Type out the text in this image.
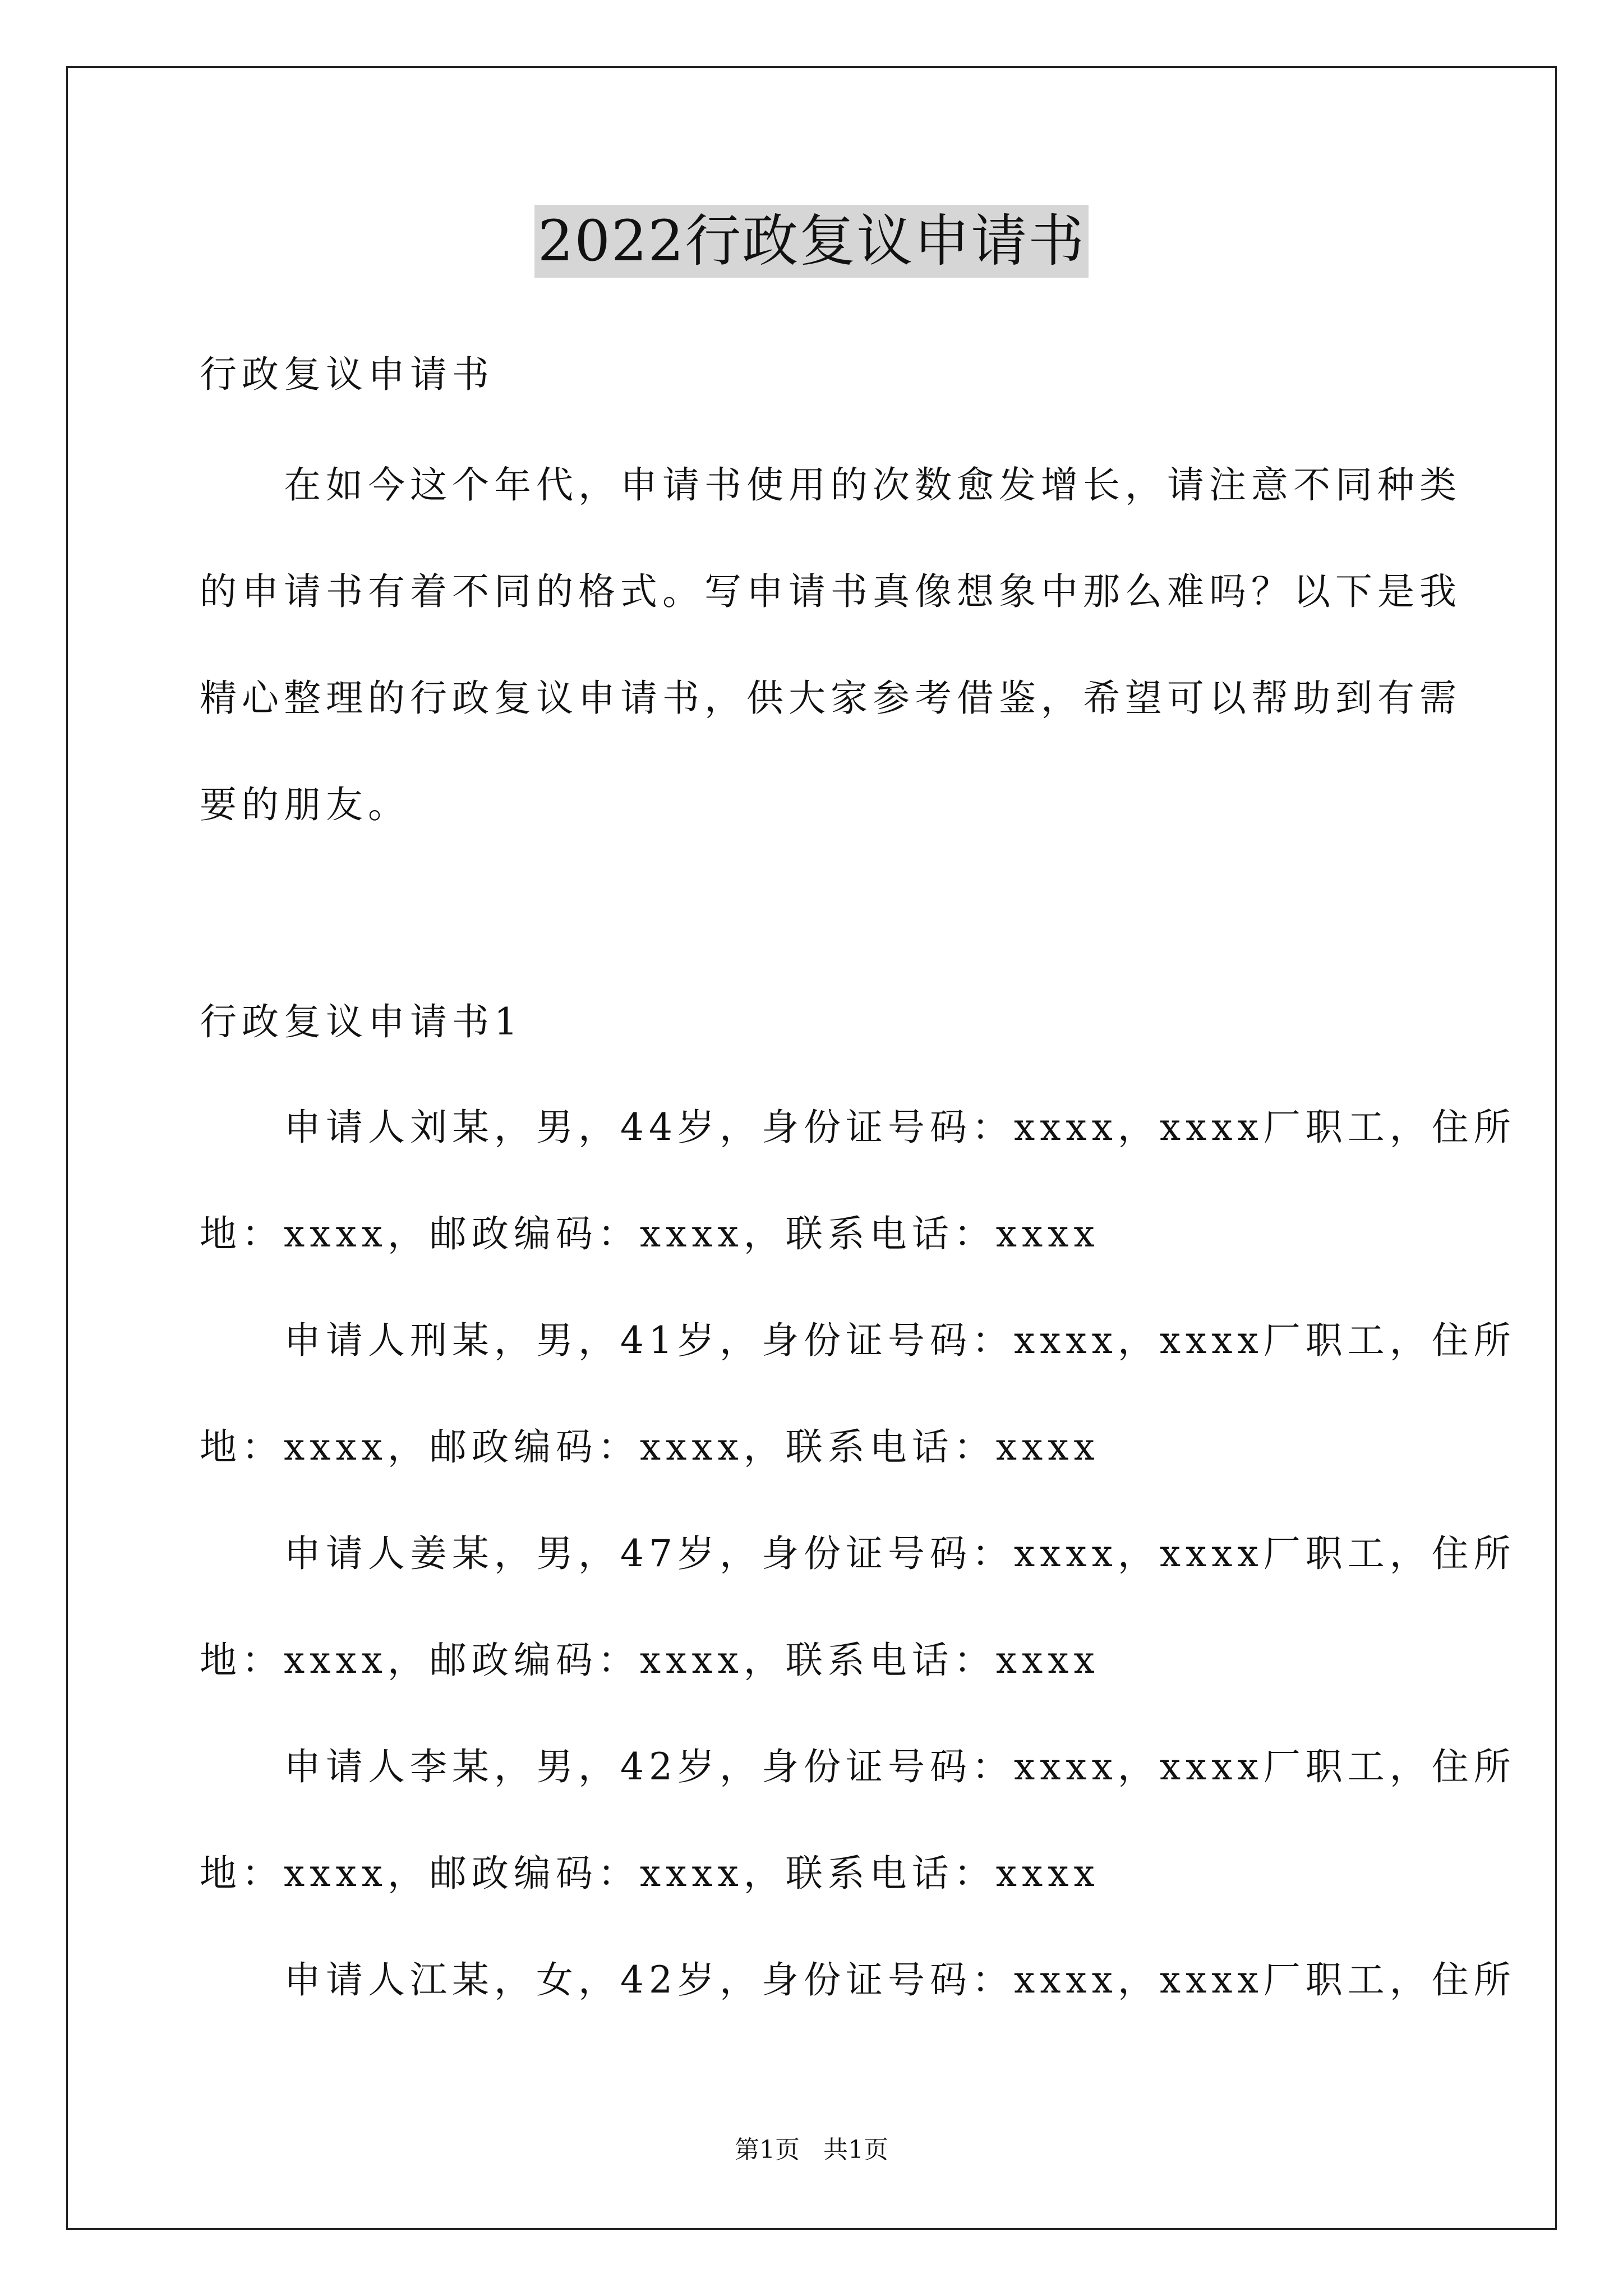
2022行政复议申请书
行政复议申请书
在如今这个年代，申请书使用的次数愈发增长，请注意不同种类
的申请书有着不同的格式。写申请书真像想象中那么难吗？以下是我
精心整理的行政复议申请书，供大家参考借鉴，希望可以帮助到有需
要的朋友。
行政复议申请书1
申请人刘某，男，44岁，身份证号码：xxxx，xxxx厂职工，住所
地：xxxx，邮政编码：xxxx，联系电话：xxxx
申请人刑某，男，41岁，身份证号码：xxxx，xxxx厂职工，住所
地：xxxx，邮政编码：xxxx，联系电话：xxxx
申请人姜某，男，47岁，身份证号码：xxxx，xxxx厂职工，住所
地：xxxx，邮政编码：xxxx，联系电话：xxxx
申请人李某，男，42岁，身份证号码：xxxx，xxxx厂职工，住所
地：xxxx，邮政编码：xxxx，联系电话：xxxx
申请人江某，女，42岁，身份证号码：xxxx，xxxx厂职工，住所
第1页   共1页
